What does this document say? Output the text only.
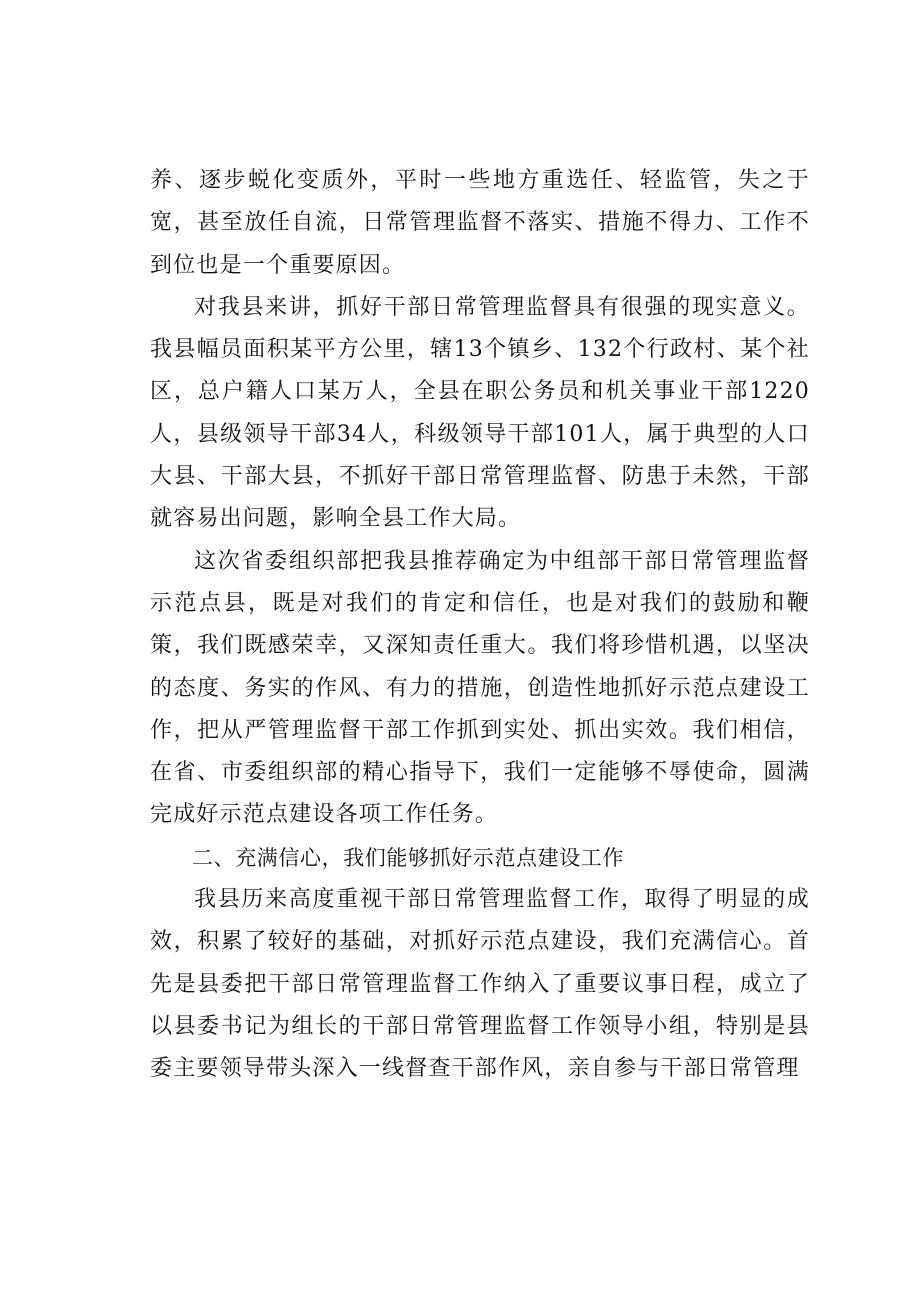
养、逐步蜕化变质外，平时一些地方重选任、轻监管，失之于宽，甚至放任自流，日常管理监督不落实、措施不得力、工作不到位也是一个重要原因。

对我县来讲，抓好干部日常管理监督具有很强的现实意义。我县幅员面积某平方公里，辖13个镇乡、132个行政村、某个社区，总户籍人口某万人，全县在职公务员和机关事业干部1220人，县级领导干部34人，科级领导干部101人，属于典型的人口大县、干部大县，不抓好干部日常管理监督、防患于未然，干部就容易出问题，影响全县工作大局。

这次省委组织部把我县推荐确定为中组部干部日常管理监督示范点县，既是对我们的肯定和信任，也是对我们的鼓励和鞭策，我们既感荣幸，又深知责任重大。我们将珍惜机遇，以坚决的态度、务实的作风、有力的措施，创造性地抓好示范点建设工作，把从严管理监督干部工作抓到实处、抓出实效。我们相信，在省、市委组织部的精心指导下，我们一定能够不辱使命，圆满完成好示范点建设各项工作任务。

二、充满信心，我们能够抓好示范点建设工作

我县历来高度重视干部日常管理监督工作，取得了明显的成效，积累了较好的基础，对抓好示范点建设，我们充满信心。首先是县委把干部日常管理监督工作纳入了重要议事日程，成立了以县委书记为组长的干部日常管理监督工作领导小组，特别是县委主要领导带头深入一线督查干部作风，亲自参与干部日常管理
